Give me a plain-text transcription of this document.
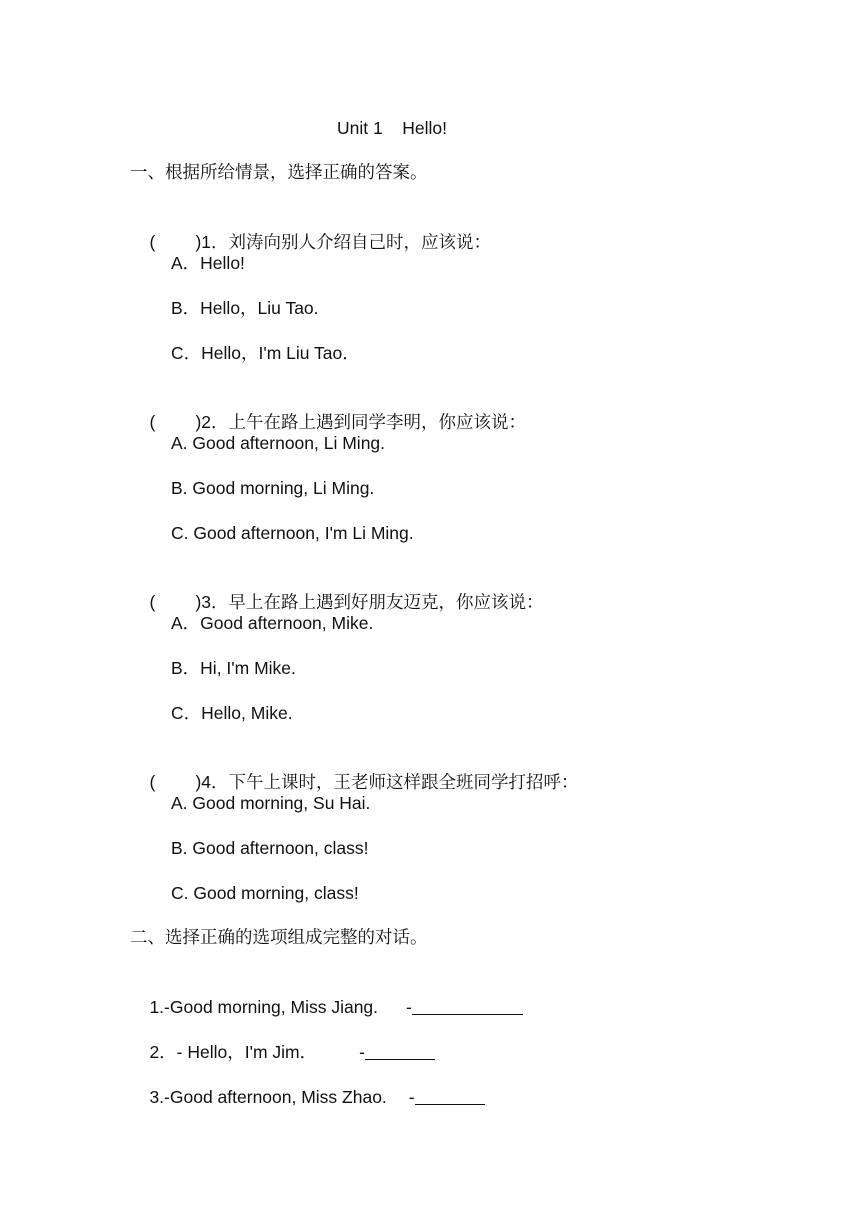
Unit 1    Hello!
一、根据所给情景，选择正确的答案。

( )1．刘涛向别人介绍自己时，应该说：

A．Hello!
B．Hello，Liu Tao.
C．Hello，I'm Liu Tao．

( )2．上午在路上遇到同学李明，你应该说：

A. Good afternoon, Li Ming.
B. Good morning, Li Ming.
C. Good afternoon, I'm Li Ming.

( )3．早上在路上遇到好朋友迈克，你应该说：

A．Good afternoon, Mike.
B．Hi, I'm Mike.
C．Hello, Mike.

( )4．下午上课时，王老师这样跟全班同学打招呼：

A. Good morning, Su Hai.
B. Good afternoon, class!
C. Good morning, class!
二、选择正确的选项组成完整的对话。

1.-Good morning, Miss Jiang. -

2．- Hello，I'm Jim． -

3.-Good afternoon, Miss Zhao. -
